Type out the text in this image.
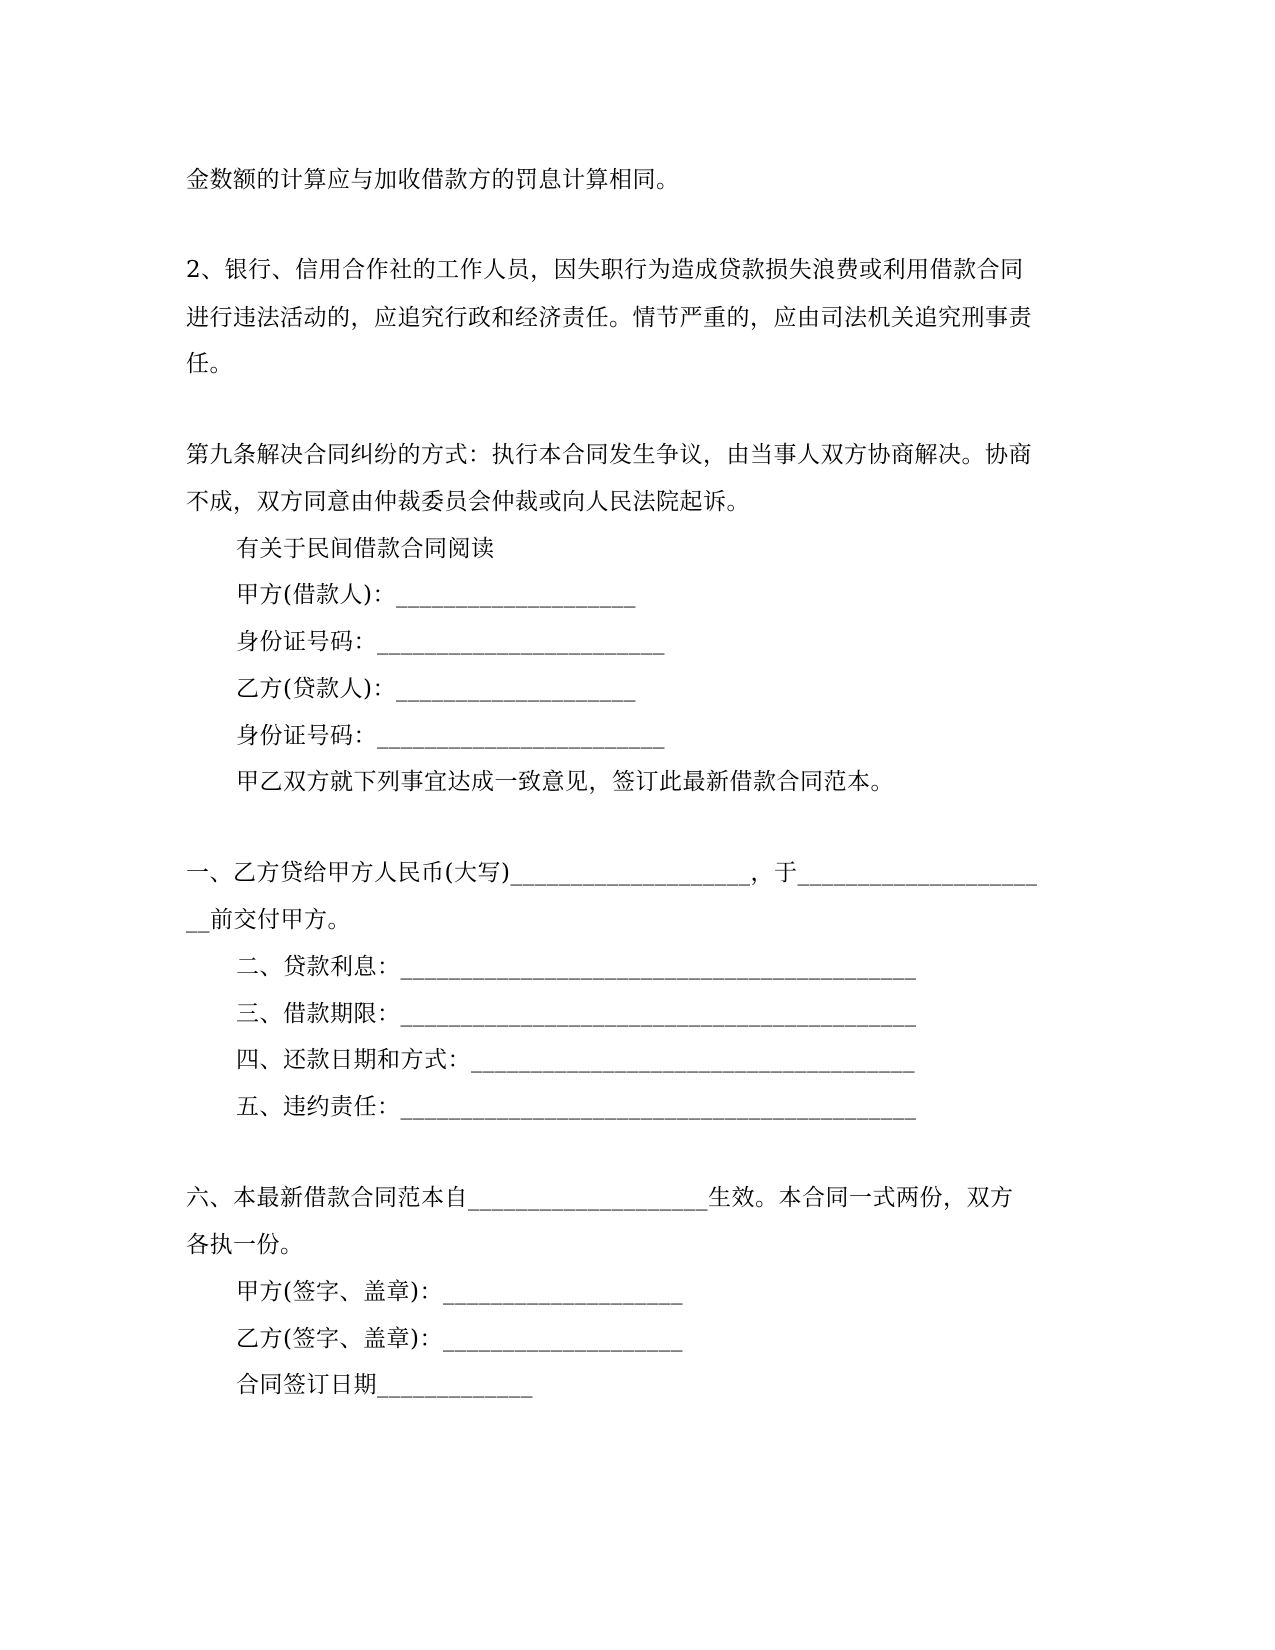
金数额的计算应与加收借款方的罚息计算相同。
2、银行、信用合作社的工作人员，因失职行为造成贷款损失浪费或利用借款合同
进行违法活动的，应追究行政和经济责任。情节严重的，应由司法机关追究刑事责
任。
第九条解决合同纠纷的方式：执行本合同发生争议，由当事人双方协商解决。协商
不成，双方同意由仲裁委员会仲裁或向人民法院起诉。
有关于民间借款合同阅读
甲方(借款人)：____________________
身份证号码：________________________
乙方(贷款人)：____________________
身份证号码：________________________
甲乙双方就下列事宜达成一致意见，签订此最新借款合同范本。
一、乙方贷给甲方人民币(大写)____________________，于____________________
__前交付甲方。
二、贷款利息：___________________________________________
三、借款期限：___________________________________________
四、还款日期和方式：_____________________________________
五、违约责任：___________________________________________
六、本最新借款合同范本自____________________生效。本合同一式两份，双方
各执一份。
甲方(签字、盖章)：____________________
乙方(签字、盖章)：____________________
合同签订日期_____________
